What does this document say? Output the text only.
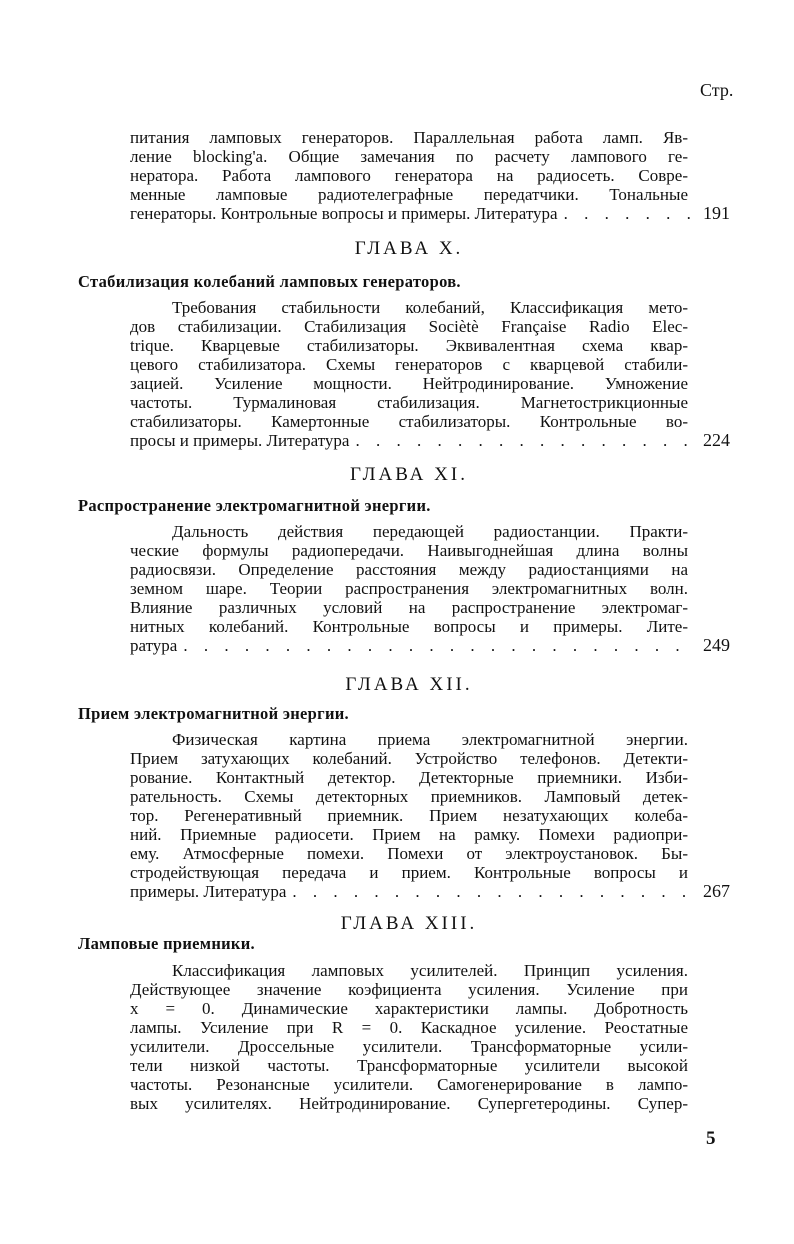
Стр.
питания ламповых генераторов. Параллельная работа ламп. Яв-
ление blocking'a. Общие замечания по расчету лампового ге-
нератора. Работа лампового генератора на радиосеть. Совре-
менные ламповые радиотелеграфные передатчики. Тональные
генераторы. Контрольные вопросы и примеры. Литература . . .	191
ГЛАВА X.
Стабилизация колебаний ламповых генераторов.
Требования стабильности колебаний, Классификация мето-
дов стабилизации. Стабилизация Sociètè Française Radio Elec-
trique. Кварцевые стабилизаторы. Эквивалентная схема квар-
цевого стабилизатора. Схемы генераторов с кварцевой стабили-
зацией. Усиление мощности. Нейтродинирование. Умножение
частоты. Турмалиновая стабилизация. Магнетострикционные
стабилизаторы. Камертонные стабилизаторы. Контрольные во-
просы и примеры. Литература . . .	224
ГЛАВА XI.
Распространение электромагнитной энергии.
Дальность действия передающей радиостанции. Практи-
ческие формулы радиопередачи. Наивыгоднейшая длина волны
радиосвязи. Определение расстояния между радиостанциями на
земном шаре. Теории распространения электромагнитных волн.
Влияние различных условий на распространение электромаг-
нитных колебаний. Контрольные вопросы и примеры. Лите-
ратура . . .	249
ГЛАВА XII.
Прием электромагнитной энергии.
Физическая картина приема электромагнитной энергии.
Прием затухающих колебаний. Устройство телефонов. Детекти-
рование. Контактный детектор. Детекторные приемники. Изби-
рательность. Схемы детекторных приемников. Ламповый детек-
тор. Регенеративный приемник. Прием незатухающих колеба-
ний. Приемные радиосети. Прием на рамку. Помехи радиопри-
ему. Атмосферные помехи. Помехи от электроустановок. Бы-
стродействующая передача и прием. Контрольные вопросы и
примеры. Литература . . .	267
ГЛАВА XIII.
Ламповые приемники.
Классификация ламповых усилителей. Принцип усиления.
Действующее значение коэфициента усиления. Усиление при
x = 0. Динамические характеристики лампы. Добротность
лампы. Усиление при R = 0. Каскадное усиление. Реостатные
усилители. Дроссельные усилители. Трансформаторные усили-
тели низкой частоты. Трансформаторные усилители высокой
частоты. Резонансные усилители. Самогенерирование в лампо-
вых усилителях. Нейтродинирование. Супергетеродины. Супер-
5
